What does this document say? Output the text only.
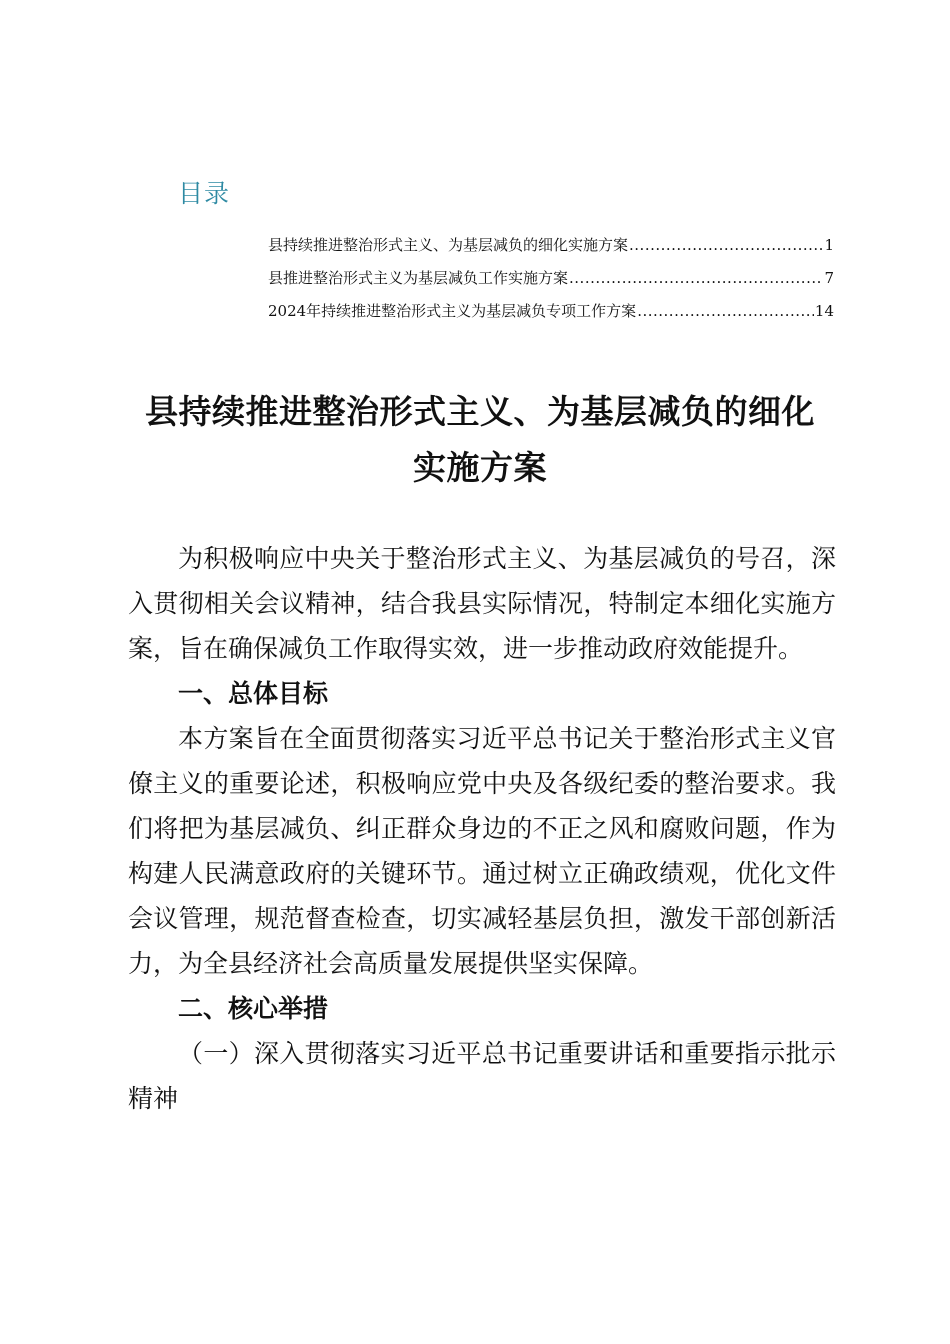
目录
县持续推进整治形式主义、为基层减负的细化实施方案 .....	1
县推进整治形式主义为基层减负工作实施方案 .....	7
2024年持续推进整治形式主义为基层减负专项工作方案 .....	14
县持续推进整治形式主义、为基层减负的细化
实施方案

为积极响应中央关于整治形式主义、为基层减负的号召，深入贯彻相关会议精神，结合我县实际情况，特制定本细化实施方案，旨在确保减负工作取得实效，进一步推动政府效能提升。

一、总体目标

本方案旨在全面贯彻落实习近平总书记关于整治形式主义官僚主义的重要论述，积极响应党中央及各级纪委的整治要求。我们将把为基层减负、纠正群众身边的不正之风和腐败问题，作为构建人民满意政府的关键环节。通过树立正确政绩观，优化文件会议管理，规范督查检查，切实减轻基层负担，激发干部创新活力，为全县经济社会高质量发展提供坚实保障。

二、核心举措

（一）深入贯彻落实习近平总书记重要讲话和重要指示批示精神
